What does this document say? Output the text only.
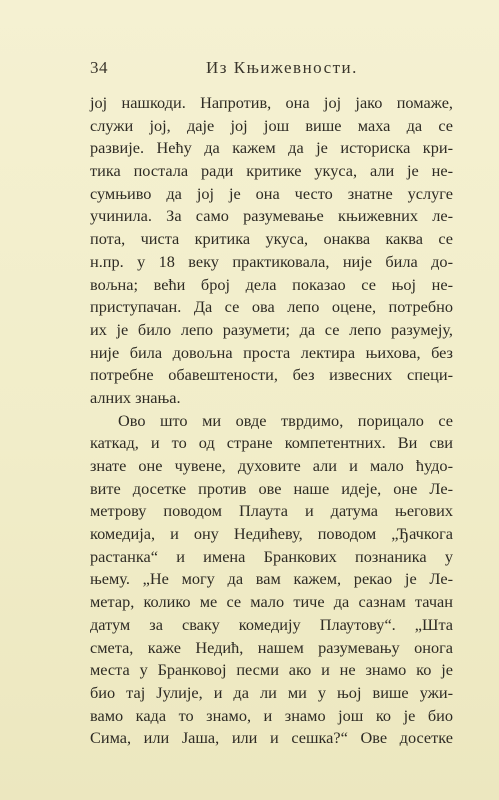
34	Из Књижевности.
јој нашкоди. Напротив, она јој јако помаже,
служи јој, даје јој још више маха да се
развије. Нећу да кажем да је историска кри-
тика постала ради критике укуса, али је не-
сумњиво да јој је она често знатне услуге
учинила. За само разумевање књижевних ле-
пота, чиста критика укуса, онаква каква се
н.пр. у 18 веку практиковала, није била до-
вољна; већи број дела показао се њој не-
приступачан. Да се ова лепо оцене, потребно
их је било лепо разумети; да се лепо разумеју,
није била довољна проста лектира њихова, без
потребне обавештености, без извесних специ-
алних знања.
Ово што ми овде тврдимо, порицало се
каткад, и то од стране компетентних. Ви сви
знате оне чувене, духовите али и мало ћудо-
вите досетке против ове наше идеје, оне Ле-
метрову поводом Плаута и датума његових
комедија, и ону Недићеву, поводом „Ђачкога
растанка“ и имена Бранкових познаника у
њему. „Не могу да вам кажем, рекао је Ле-
метар, колико ме се мало тиче да сазнам тачан
датум за сваку комедију Плаутову“. „Шта
смета, каже Недић, нашем разумевању онога
места у Бранковој песми ако и не знамо ко је
био тај Јулије, и да ли ми у њој више ужи-
вамо када то знамо, и знамо још ко је био
Сима, или Јаша, или и сешка?“ Ове досетке
